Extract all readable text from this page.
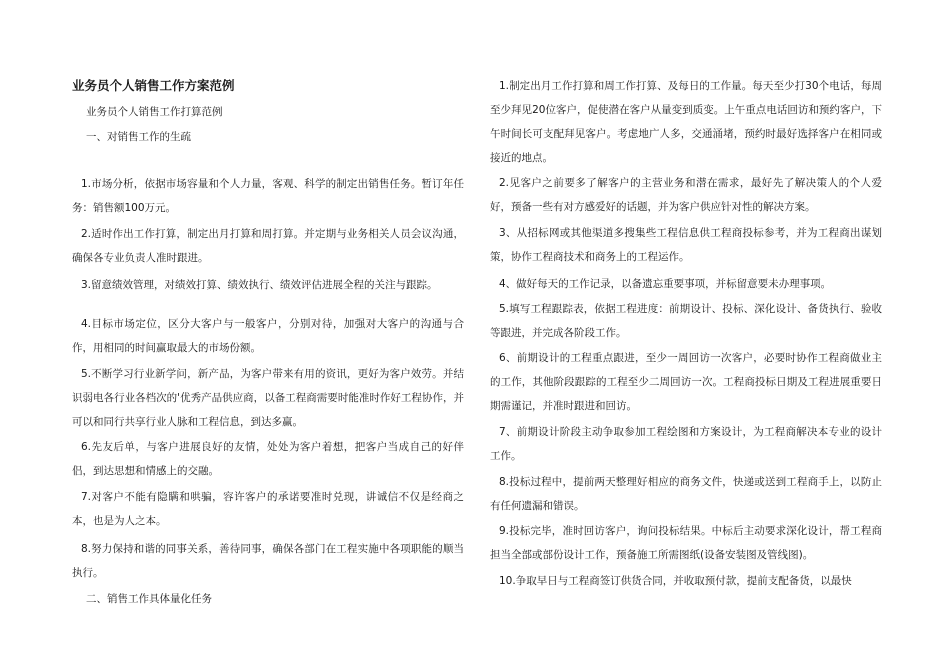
业务员个人销售工作方案范例

业务员个人销售工作打算范例

一、对销售工作的生疏

1.市场分析，依据市场容量和个人力量，客观、科学的制定出销售任务。暂订年任务：销售额100万元。

2.适时作出工作打算，制定出月打算和周打算。并定期与业务相关人员会议沟通，确保各专业负责人准时跟进。

3.留意绩效管理，对绩效打算、绩效执行、绩效评估进展全程的关注与跟踪。

4.目标市场定位，区分大客户与一般客户，分别对待，加强对大客户的沟通与合作，用相同的时间赢取最大的市场份额。

5.不断学习行业新学问，新产品，为客户带来有用的资讯，更好为客户效劳。并结识弱电各行业各档次的'优秀产品供应商，以备工程商需要时能准时作好工程协作，并可以和同行共享行业人脉和工程信息，到达多赢。

6.先友后单，与客户进展良好的友情，处处为客户着想，把客户当成自己的好伴侣，到达思想和情感上的交融。

7.对客户不能有隐瞒和哄骗，容许客户的承诺要准时兑现，讲诚信不仅是经商之本，也是为人之本。

8.努力保持和谐的同事关系，善待同事，确保各部门在工程实施中各项职能的顺当执行。

二、销售工作具体量化任务

1.制定出月工作打算和周工作打算、及每日的工作量。每天至少打30个电话，每周至少拜见20位客户，促使潜在客户从量变到质变。上午重点电话回访和预约客户，下午时间长可支配拜见客户。考虑地广人多，交通涌堵，预约时最好选择客户在相同或接近的地点。

2.见客户之前要多了解客户的主营业务和潜在需求，最好先了解决策人的个人爱好，预备一些有对方感爱好的话题，并为客户供应针对性的解决方案。

3、从招标网或其他渠道多搜集些工程信息供工程商投标参考，并为工程商出谋划策，协作工程商技术和商务上的工程运作。

4、做好每天的工作记录，以备遗忘重要事项，并标留意要未办理事项。

5.填写工程跟踪表，依据工程进度：前期设计、投标、深化设计、备货执行、验收等跟进，并完成各阶段工作。

6、前期设计的工程重点跟进，至少一周回访一次客户，必要时协作工程商做业主的工作，其他阶段跟踪的工程至少二周回访一次。工程商投标日期及工程进展重要日期需谨记，并准时跟进和回访。

7、前期设计阶段主动争取参加工程绘图和方案设计，为工程商解决本专业的设计工作。

8.投标过程中，提前两天整理好相应的商务文件，快递或送到工程商手上，以防止有任何遗漏和错误。

9.投标完毕，准时回访客户，询问投标结果。中标后主动要求深化设计，帮工程商担当全部或部份设计工作，预备施工所需图纸(设备安装图及管线图)。

10.争取早日与工程商签订供货合同，并收取预付款，提前支配备货，以最快
